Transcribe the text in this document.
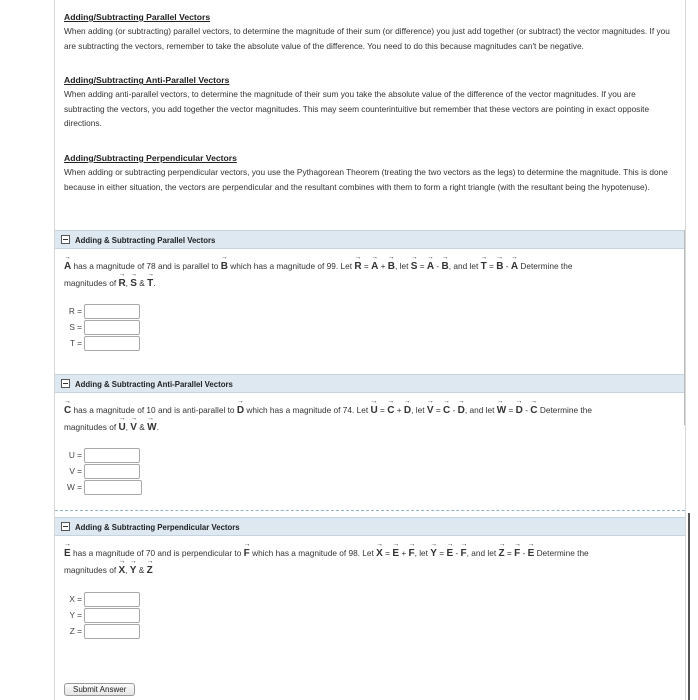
Adding/Subtracting Parallel Vectors

When adding (or subtracting) parallel vectors, to determine the magnitude of their sum (or difference) you just add together (or subtract) the vector magnitudes. If you are subtracting the vectors, remember to take the absolute value of the difference. You need to do this because magnitudes can't be negative.

Adding/Subtracting Anti-Parallel Vectors

When adding anti-parallel vectors, to determine the magnitude of their sum you take the absolute value of the difference of the vector magnitudes. If you are subtracting the vectors, you add together the vector magnitudes. This may seem counterintuitive but remember that these vectors are pointing in exact opposite directions.

Adding/Subtracting Perpendicular Vectors

When adding or subtracting perpendicular vectors, you use the Pythagorean Theorem (treating the two vectors as the legs) to determine the magnitude. This is done because in either situation, the vectors are perpendicular and the resultant combines with them to form a right triangle (with the resultant being the hypotenuse).

Adding & Subtracting Parallel Vectors
→ A has a magnitude of 78 and is parallel to → B which has a magnitude of 99. Let → R = → A + → B, let → S = → A - → B, and let → T = → B - → A Determine the
magnitudes of → R, → S & → T.
R =
S =
T =
Adding & Subtracting Anti-Parallel Vectors
→ C has a magnitude of 10 and is anti-parallel to → D which has a magnitude of 74. Let → U = → C + → D, let → V = → C - → D, and let → W = → D - → C Determine the
magnitudes of → U, → V & → W.
U =
V =
W =
Adding & Subtracting Perpendicular Vectors
→ E has a magnitude of 70 and is perpendicular to → F which has a magnitude of 98. Let → X = → E + → F, let → Y = → E - → F, and let → Z = → F - → E Determine the
magnitudes of → X, → Y & → Z
X =
Y =
Z =
Submit Answer
